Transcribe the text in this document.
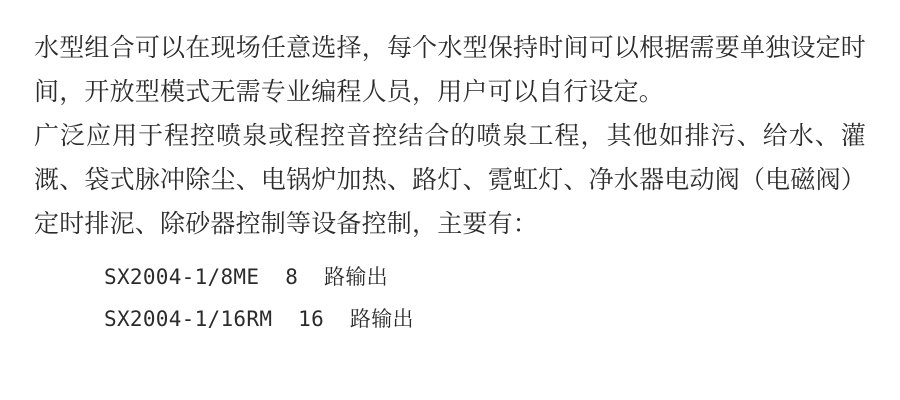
水型组合可以在现场任意选择，每个水型保持时间可以根据需要单独设定时间，开放型模式无需专业编程人员，用户可以自行设定。

广泛应用于程控喷泉或程控音控结合的喷泉工程，其他如排污、给水、灌溉、袋式脉冲除尘、电锅炉加热、路灯、霓虹灯、净水器电动阀（电磁阀）定时排泥、除砂器控制等设备控制，主要有：

SX2004-1/8ME  8  路输出
SX2004-1/16RM  16  路输出
